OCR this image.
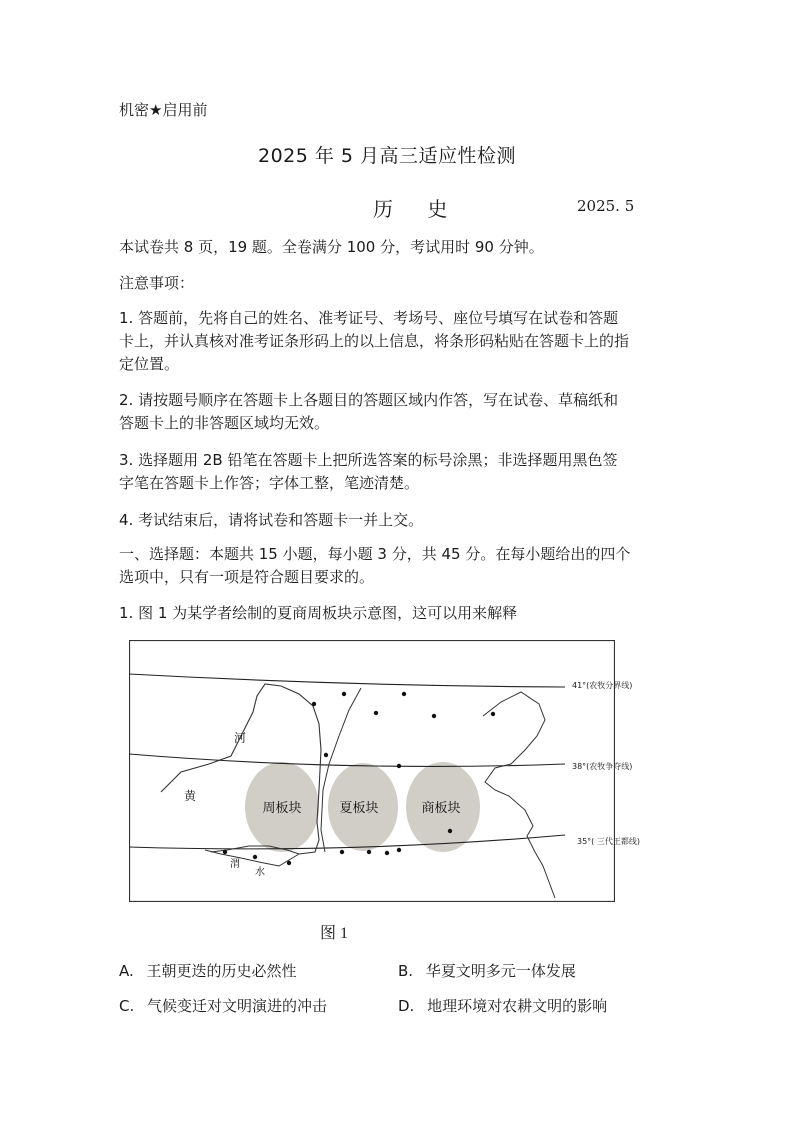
机密★启用前
2025 年 5 月高三适应性检测
历 史	2025. 5
本试卷共 8 页，19 题。全卷满分 100 分，考试用时 90 分钟。
注意事项：
1. 答题前，先将自己的姓名、准考证号、考场号、座位号填写在试卷和答题
卡上，并认真核对准考证条形码上的以上信息，将条形码粘贴在答题卡上的指
定位置。
2. 请按题号顺序在答题卡上各题目的答题区域内作答，写在试卷、草稿纸和
答题卡上的非答题区域均无效。
3. 选择题用 2B 铅笔在答题卡上把所选答案的标号涂黑；非选择题用黑色签
字笔在答题卡上作答；字体工整，笔迹清楚。
4. 考试结束后，请将试卷和答题卡一并上交。
一、选择题：本题共 15 小题，每小题 3 分，共 45 分。在每小题给出的四个
选项中，只有一项是符合题目要求的。
1. 图 1 为某学者绘制的夏商周板块示意图，这可以用来解释
周板块	夏板块	商板块
河
黄
渭
水
41°(农牧分界线)
38°(农牧争夺线)
35°( 三代王都线)
图 1
A. 王朝更迭的历史必然性	B. 华夏文明多元一体发展
C. 气候变迁对文明演进的冲击	D. 地理环境对农耕文明的影响
